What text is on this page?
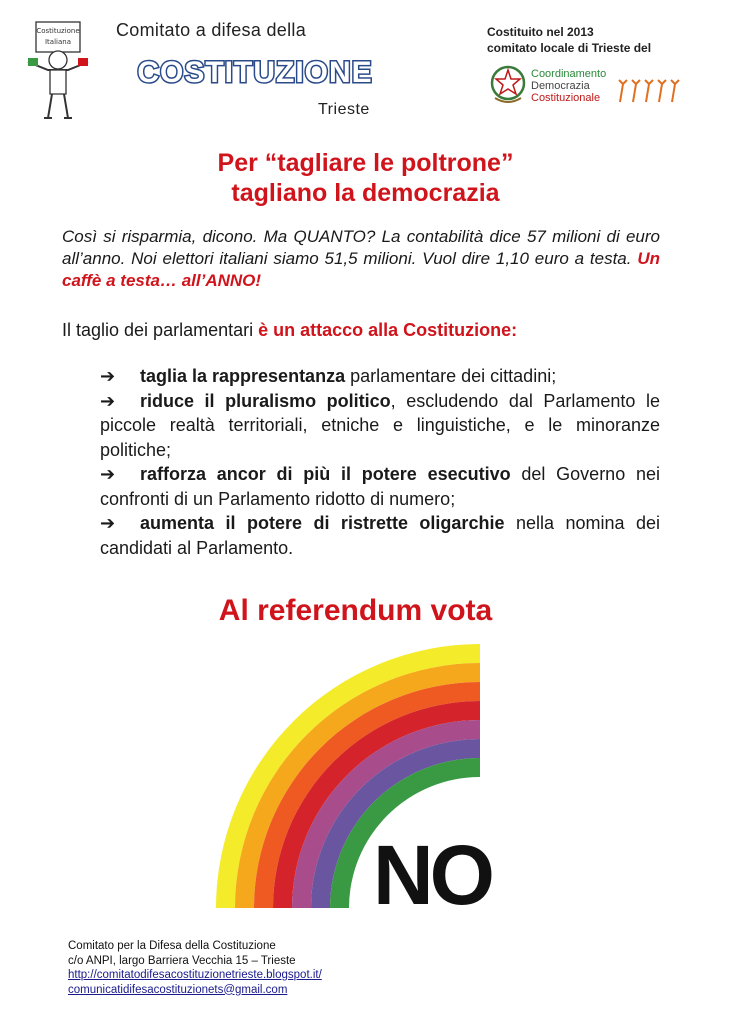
Costituzione
Italiana
Comitato a difesa della
COSTITUZIONE
Trieste
Costituito nel 2013
comitato locale di Trieste del
Coordinamento
Democrazia
Costituzionale
Per “tagliare le poltrone”
tagliano la democrazia
Così si risparmia, dicono. Ma QUANTO? La contabilità dice 57 milioni di euro all’anno. Noi elettori italiani siamo 51,5 milioni. Vuol dire 1,10 euro a testa. Un caffè a testa… all’ANNO!
Il taglio dei parlamentari è un attacco alla Costituzione:
➔ taglia la rappresentanza parlamentare dei cittadini;
➔ riduce il pluralismo politico, escludendo dal Parlamento le piccole realtà territoriali, etniche e linguistiche, e le minoranze politiche;
➔ rafforza ancor di più il potere esecutivo del Governo nei confronti di un Parlamento ridotto di numero;
➔ aumenta il potere di ristrette oligarchie nella nomina dei candidati al Parlamento.
Al referendum vota
NO
Comitato per la Difesa della Costituzione
c/o ANPI, largo Barriera Vecchia 15 – Trieste
http://comitatodifesacostituzionetrieste.blogspot.it/
comunicatidifesacostituzionets@gmail.com
